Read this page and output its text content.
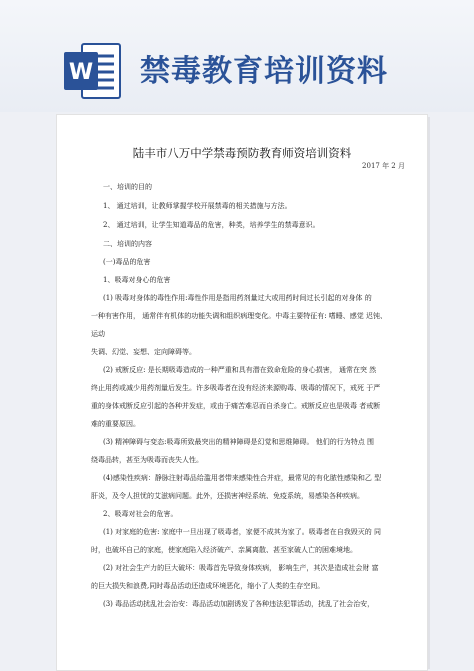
W 禁毒教育培训资料
陆丰市八万中学禁毒预防教育师资培训资料
2017 年 2 月
一、培训的目的
1、 通过培训，让教师掌握学校开展禁毒的相关措施与方法。
2、 通过培训，让学生知道毒品的危害，种类，培养学生的禁毒意识。
二、培训的内容
(一)毒品的危害
1、吸毒对身心的危害
(1) 吸毒对身体的毒性作用:毒性作用是指用药剂量过大或用药时间过长引起的对身体 的
一种有害作用， 通常伴有机体的功能失调和组织病理变化。中毒主要特征有: 嗜睡、感觉 迟钝、
运动
失调、幻觉、妄想、定向障碍等。
(2) 戒断反应: 是长期吸毒造成的一种严重和具有潜在致命危险的身心损害， 通常在突 然
终止用药或减少用药剂量后发生。许多吸毒者在没有经济来源购毒、吸毒的情况下，戒死 于严
重的身体戒断反应引起的各种并发症，或由于痛苦难忍而自杀身亡。戒断反应也是吸毒 者戒断
难的重要原因。
(3) 精神障碍与变态:吸毒所致最突出的精神障碍是幻觉和思维障碍。 他们的行为特点 围
绕毒品转，甚至为吸毒而丧失人性。
(4)感染性疾病：静脉注射毒品给滥用者带来感染性合并症，最常见的有化脓性感染和乙 型
肝炎，及令人担忧的艾滋病问题。此外，还损害神经系统、免疫系统，易感染各种疾病。
2、吸毒对社会的危害。
(1) 对家庭的危害: 家庭中一旦出现了吸毒者，家便不成其为家了。吸毒者在自我毁灭的 同
时，也破坏自己的家庭，使家庭陷入经济破产、亲属离散、甚至家破人亡的困难境地。
(2) 对社会生产力的巨大破坏：吸毒首先导致身体疾病， 影响生产，其次是造成社会财 富
的巨大损失和浪费,同时毒品活动还造成环境恶化，缩小了人类的生存空间。
(3) 毒品活动扰乱社会治安：毒品活动加剧诱发了各种违法犯罪活动，扰乱了社会治安，
